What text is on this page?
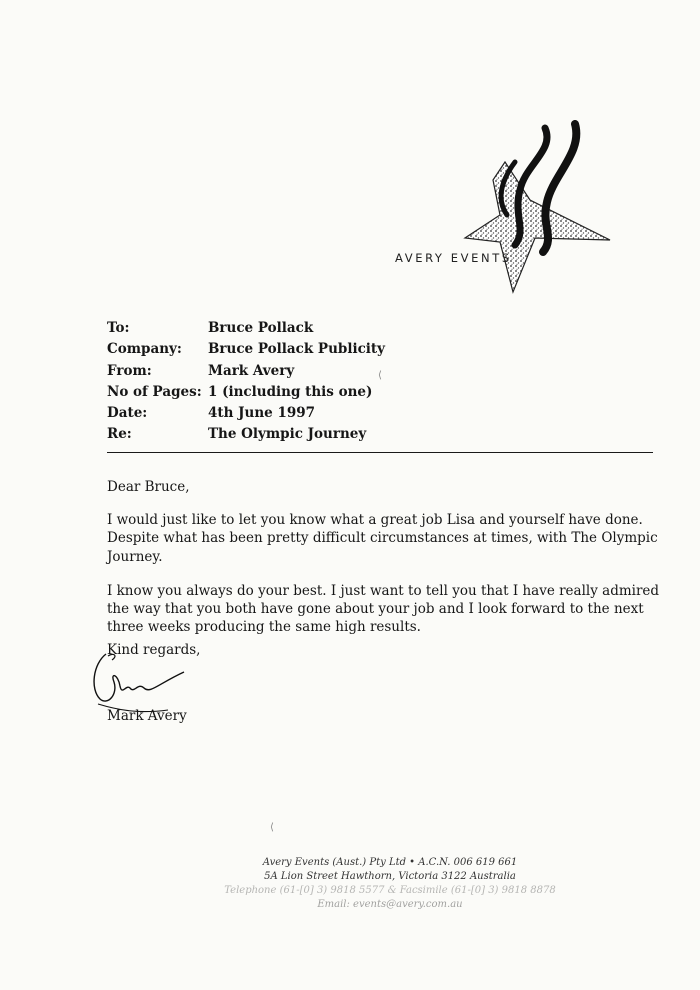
AVERY EVENTS
To:	Bruce Pollack
Company: Bruce Pollack Publicity
From:	Mark Avery
No of Pages: 1 (including this one)
Date:	4th June 1997
Re:	The Olympic Journey

Dear Bruce,

I would just like to let you know what a great job Lisa and yourself have done. Despite what has been pretty difficult circumstances at times, with The Olympic Journey.

I know you always do your best. I just want to tell you that I have really admired the way that you both have gone about your job and I look forward to the next three weeks producing the same high results.

Kind regards,
Mark Avery
Avery Events (Aust.) Pty Ltd • A.C.N. 006 619 661
5A Lion Street Hawthorn, Victoria 3122 Australia
Telephone (61-[0] 3) 9818 5577 & Facsimile (61-[0] 3) 9818 8878
Email: events@avery.com.au
⟨
⟨
